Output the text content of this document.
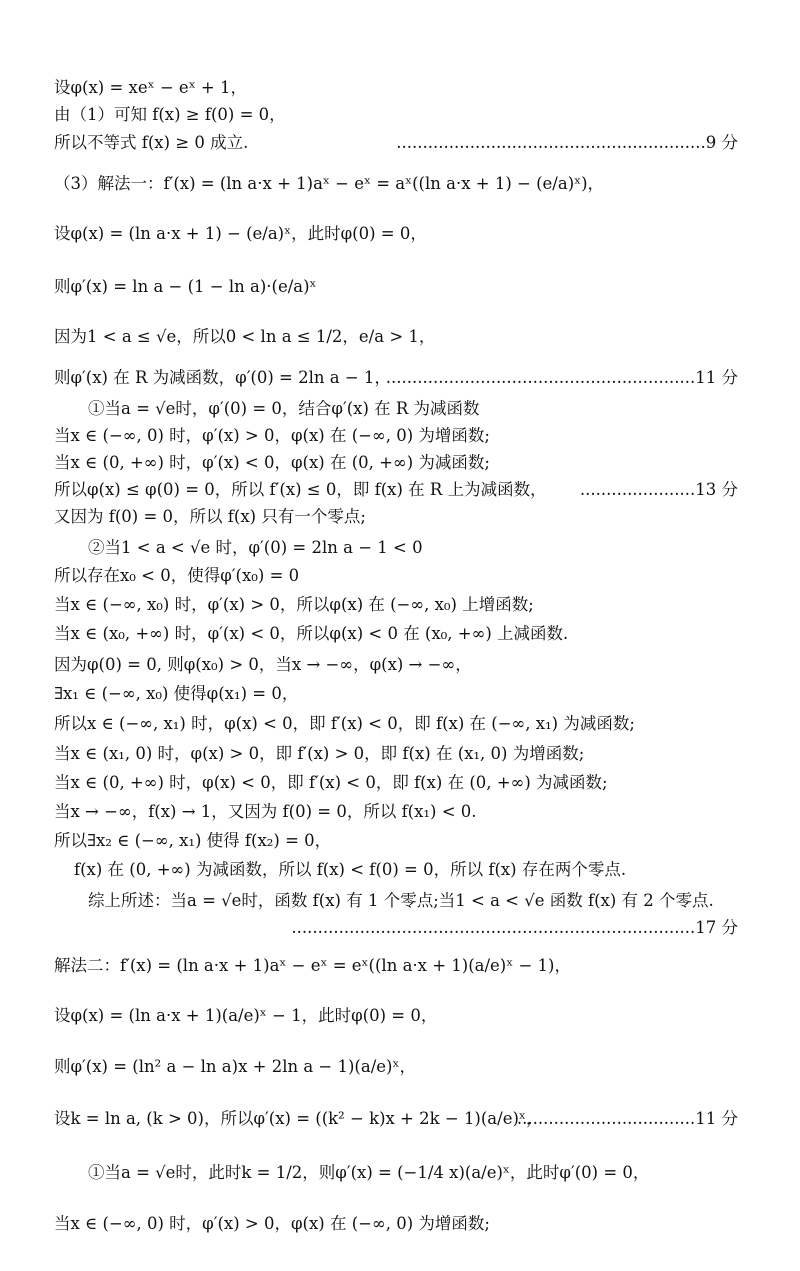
设φ(x) = xeˣ − eˣ + 1，
由（1）可知 f(x) ≥ f(0) = 0，
所以不等式 f(x) ≥ 0 成立.	...........................................................9 分
（3）解法一：f′(x) = (ln a·x + 1)aˣ − eˣ = aˣ((ln a·x + 1) − (e/a)ˣ)，
设φ(x) = (ln a·x + 1) − (e/a)ˣ，此时φ(0) = 0，
则φ′(x) = ln a − (1 − ln a)·(e/a)ˣ
因为1 < a ≤ √e，所以0 < ln a ≤ 1/2，e/a > 1，
则φ′(x) 在 R 为减函数，φ′(0) = 2ln a − 1，
...........................................................11 分
①当a = √e时，φ′(0) = 0，结合φ′(x) 在 R 为减函数
当x ∈ (−∞, 0) 时，φ′(x) > 0，φ(x) 在 (−∞, 0) 为增函数;
当x ∈ (0, +∞) 时，φ′(x) < 0，φ(x) 在 (0, +∞) 为减函数;
所以φ(x) ≤ φ(0) = 0，所以 f′(x) ≤ 0，即 f(x) 在 R 上为减函数， ......................13 分
又因为 f(0) = 0，所以 f(x) 只有一个零点;
②当1 < a < √e 时，φ′(0) = 2ln a − 1 < 0
所以存在x₀ < 0，使得φ′(x₀) = 0
当x ∈ (−∞, x₀) 时，φ′(x) > 0，所以φ(x) 在 (−∞, x₀) 上增函数;
当x ∈ (x₀, +∞) 时，φ′(x) < 0，所以φ(x) < 0 在 (x₀, +∞) 上减函数.
因为φ(0) = 0, 则φ(x₀) > 0，当x → −∞，φ(x) → −∞，
∃x₁ ∈ (−∞, x₀) 使得φ(x₁) = 0，
所以x ∈ (−∞, x₁) 时，φ(x) < 0，即 f′(x) < 0，即 f(x) 在 (−∞, x₁) 为减函数;
当x ∈ (x₁, 0) 时，φ(x) > 0，即 f′(x) > 0，即 f(x) 在 (x₁, 0) 为增函数;
当x ∈ (0, +∞) 时，φ(x) < 0，即 f′(x) < 0，即 f(x) 在 (0, +∞) 为减函数;
当x → −∞，f(x) → 1，又因为 f(0) = 0，所以 f(x₁) < 0.
所以∃x₂ ∈ (−∞, x₁) 使得 f(x₂) = 0，
f(x) 在 (0, +∞) 为减函数，所以 f(x) < f(0) = 0，所以 f(x) 存在两个零点.
综上所述：当a = √e时，函数 f(x) 有 1 个零点;当1 < a < √e 函数 f(x) 有 2 个零点.
.............................................................................17 分
解法二：f′(x) = (ln a·x + 1)aˣ − eˣ = eˣ((ln a·x + 1)(a/e)ˣ − 1)，
设φ(x) = (ln a·x + 1)(a/e)ˣ − 1，此时φ(0) = 0，
则φ′(x) = (ln² a − ln a)x + 2ln a − 1)(a/e)ˣ，
设k = ln a, (k > 0)，所以φ′(x) = ((k² − k)x + 2k − 1)(a/e)ˣ，
..................................11 分
①当a = √e时，此时k = 1/2，则φ′(x) = (−1/4 x)(a/e)ˣ，此时φ′(0) = 0，
当x ∈ (−∞, 0) 时，φ′(x) > 0，φ(x) 在 (−∞, 0) 为增函数;
